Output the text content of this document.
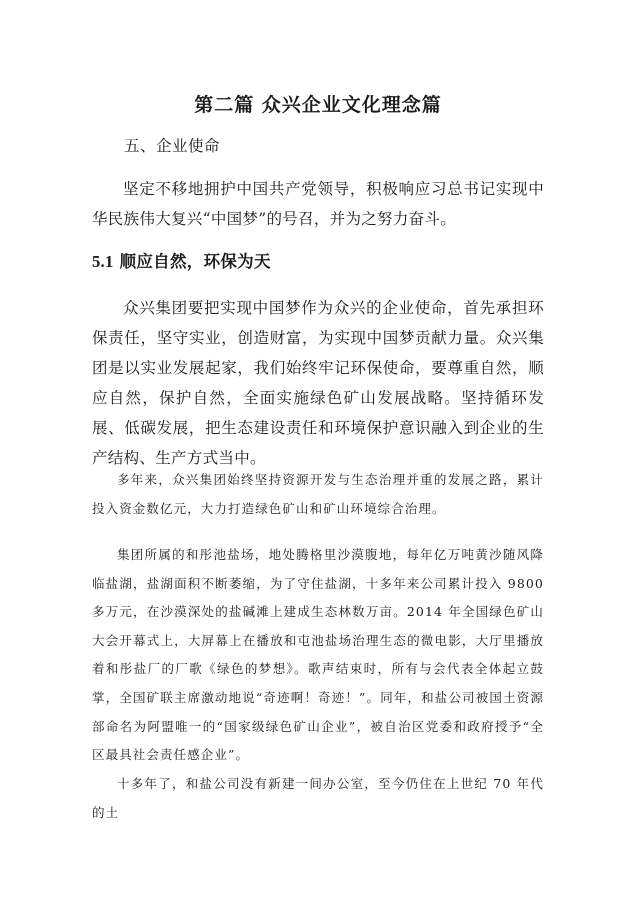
第二篇 众兴企业文化理念篇

五、企业使命

坚定不移地拥护中国共产党领导，积极响应习总书记实现中华民族伟大复兴“中国梦”的号召，并为之努力奋斗。

5.1 顺应自然，环保为天

众兴集团要把实现中国梦作为众兴的企业使命，首先承担环保责任，坚守实业，创造财富，为实现中国梦贡献力量。众兴集团是以实业发展起家，我们始终牢记环保使命，要尊重自然，顺应自然，保护自然，全面实施绿色矿山发展战略。坚持循环发展、低碳发展，把生态建设责任和环境保护意识融入到企业的生产结构、生产方式当中。

多年来，众兴集团始终坚持资源开发与生态治理并重的发展之路，累计投入资金数亿元，大力打造绿色矿山和矿山环境综合治理。

集团所属的和彤池盐场，地处腾格里沙漠腹地，每年亿万吨黄沙随风降临盐湖，盐湖面积不断萎缩，为了守住盐湖，十多年来公司累计投入 9800 多万元，在沙漠深处的盐碱滩上建成生态林数万亩。2014 年全国绿色矿山大会开幕式上，大屏幕上在播放和屯池盐场治理生态的微电影，大厅里播放着和彤盐厂的厂歌《绿色的梦想》。歌声结束时，所有与会代表全体起立鼓掌，全国矿联主席激动地说“奇迹啊！奇迹！”。同年，和盐公司被国土资源部命名为阿盟唯一的“国家级绿色矿山企业”，被自治区党委和政府授予“全区最具社会责任感企业”。

十多年了，和盐公司没有新建一间办公室，至今仍住在上世纪 70 年代的土
